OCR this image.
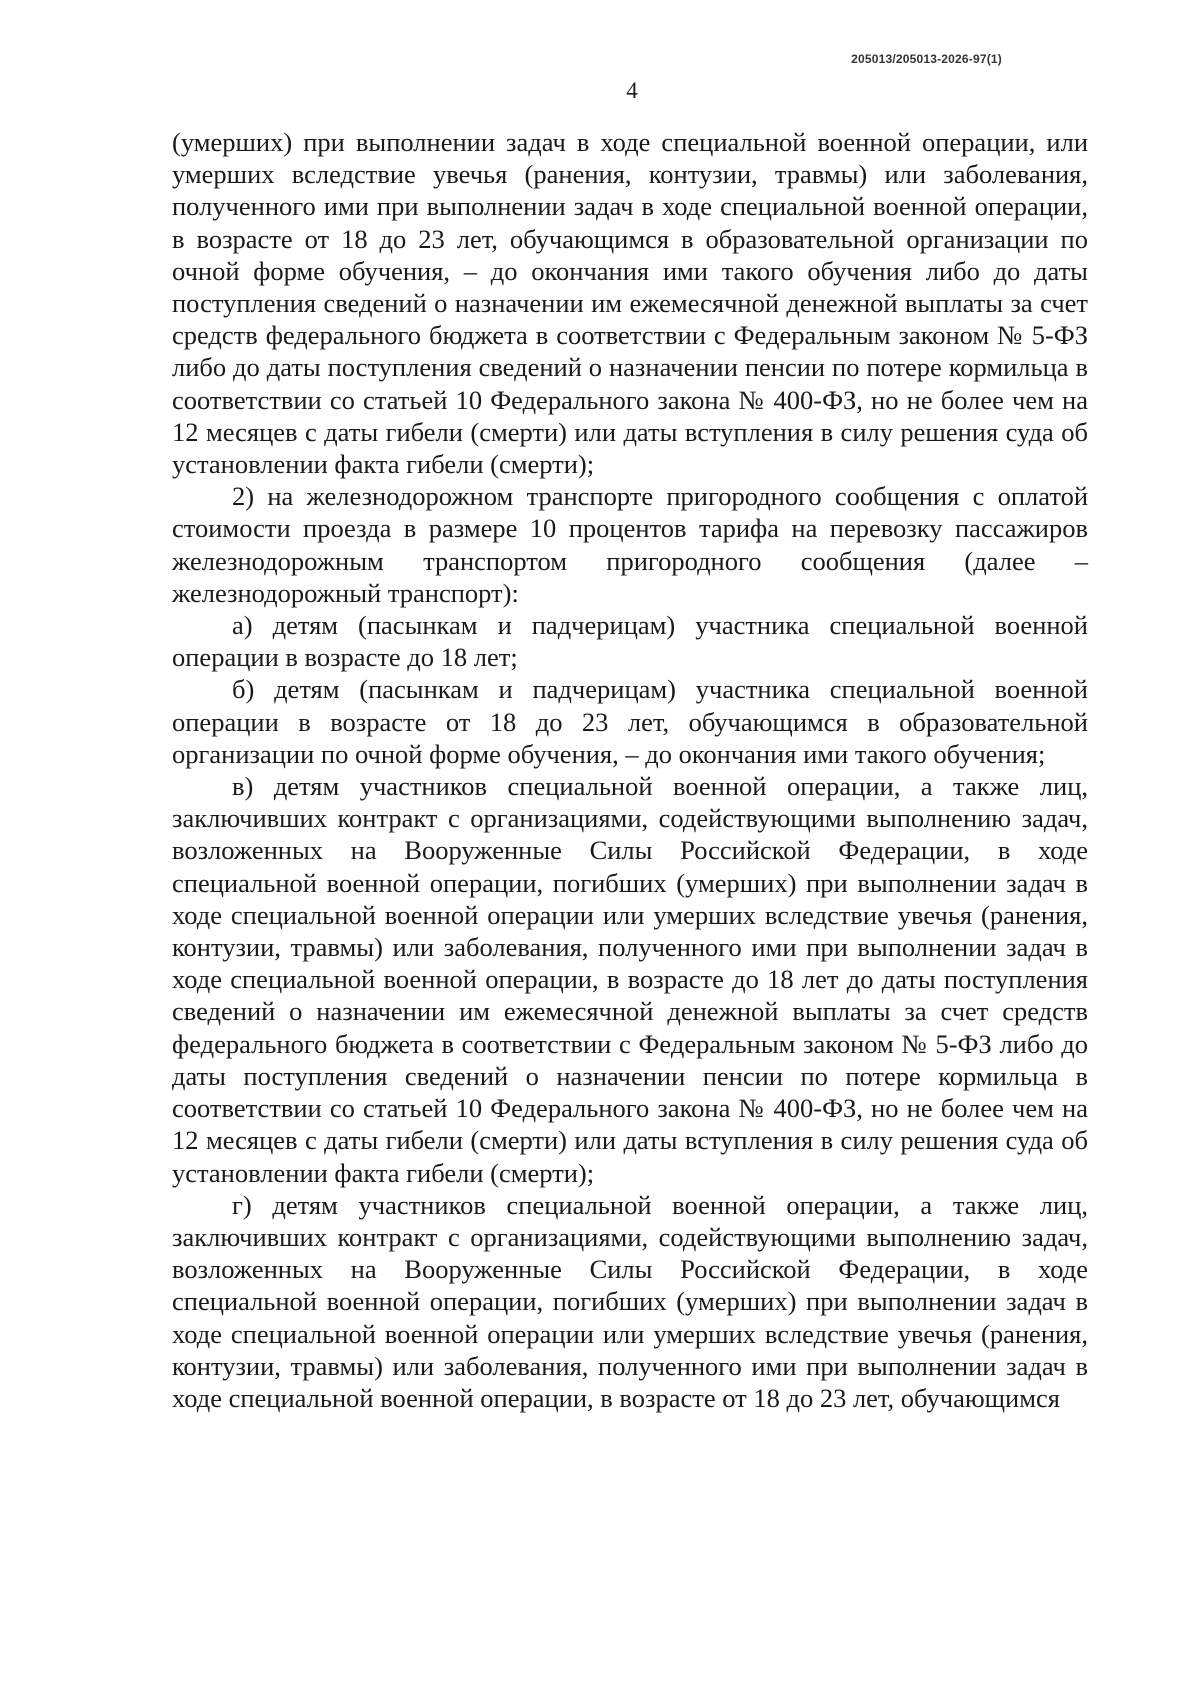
205013/205013-2026-97(1)
4

(умерших) при выполнении задач в ходе специальной военной операции, или умерших вследствие увечья (ранения, контузии, травмы) или заболевания, полученного ими при выполнении задач в ходе специальной военной операции, в возрасте от 18 до 23 лет, обучающимся в образовательной организации по очной форме обучения, – до окончания ими такого обучения либо до даты поступления сведений о назначении им ежемесячной денежной выплаты за счет средств федерального бюджета в соответствии с Федеральным законом № 5-ФЗ либо до даты поступления сведений о назначении пенсии по потере кормильца в соответствии со статьей 10 Федерального закона № 400-ФЗ, но не более чем на 12 месяцев с даты гибели (смерти) или даты вступления в силу решения суда об установлении факта гибели (смерти);

2) на железнодорожном транспорте пригородного сообщения с оплатой стоимости проезда в размере 10 процентов тарифа на перевозку пассажиров железнодорожным транспортом пригородного сообщения (далее – железнодорожный транспорт):

а) детям (пасынкам и падчерицам) участника специальной военной операции в возрасте до 18 лет;

б) детям (пасынкам и падчерицам) участника специальной военной операции в возрасте от 18 до 23 лет, обучающимся в образовательной организации по очной форме обучения, – до окончания ими такого обучения;

в) детям участников специальной военной операции, а также лиц, заключивших контракт с организациями, содействующими выполнению задач, возложенных на Вооруженные Силы Российской Федерации, в ходе специальной военной операции, погибших (умерших) при выполнении задач в ходе специальной военной операции или умерших вследствие увечья (ранения, контузии, травмы) или заболевания, полученного ими при выполнении задач в ходе специальной военной операции, в возрасте до 18 лет до даты поступления сведений о назначении им ежемесячной денежной выплаты за счет средств федерального бюджета в соответствии с Федеральным законом № 5-ФЗ либо до даты поступления сведений о назначении пенсии по потере кормильца в соответствии со статьей 10 Федерального закона № 400-ФЗ, но не более чем на 12 месяцев с даты гибели (смерти) или даты вступления в силу решения суда об установлении факта гибели (смерти);

г) детям участников специальной военной операции, а также лиц, заключивших контракт с организациями, содействующими выполнению задач, возложенных на Вооруженные Силы Российской Федерации, в ходе специальной военной операции, погибших (умерших) при выполнении задач в ходе специальной военной операции или умерших вследствие увечья (ранения, контузии, травмы) или заболевания, полученного ими при выполнении задач в ходе специальной военной операции, в возрасте от 18 до 23 лет, обучающимся
